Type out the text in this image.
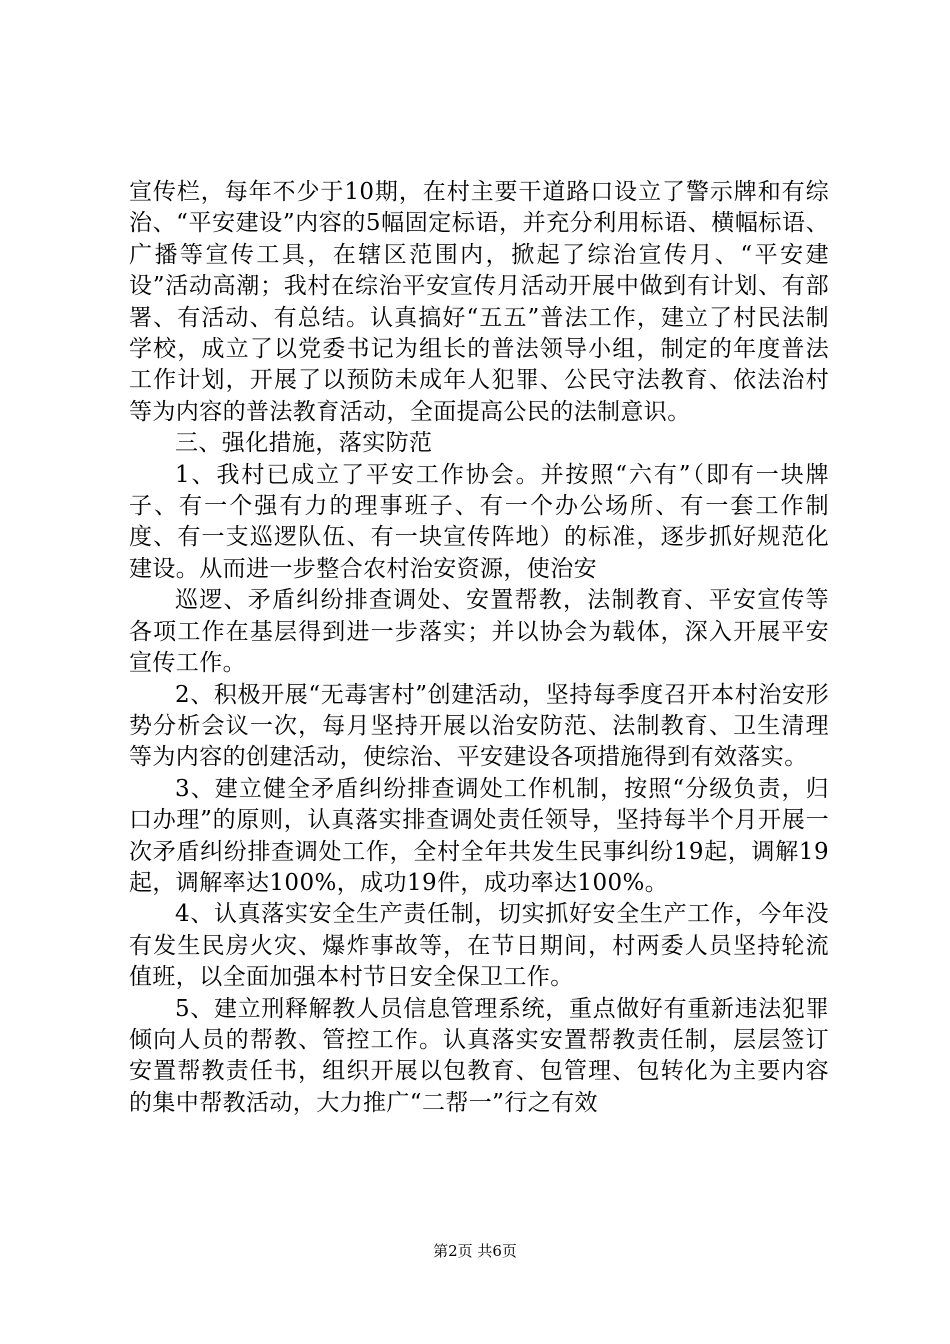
宣传栏，每年不少于10期，在村主要干道路口设立了警示牌和有综治、“平安建设”内容的5幅固定标语，并充分利用标语、横幅标语、广播等宣传工具，在辖区范围内，掀起了综治宣传月、“平安建设”活动高潮；我村在综治平安宣传月活动开展中做到有计划、有部署、有活动、有总结。认真搞好“五五”普法工作，建立了村民法制学校，成立了以党委书记为组长的普法领导小组，制定的年度普法工作计划，开展了以预防未成年人犯罪、公民守法教育、依法治村等为内容的普法教育活动，全面提高公民的法制意识。

三、强化措施，落实防范

1、我村已成立了平安工作协会。并按照“六有”（即有一块牌子、有一个强有力的理事班子、有一个办公场所、有一套工作制度、有一支巡逻队伍、有一块宣传阵地）的标准，逐步抓好规范化建设。从而进一步整合农村治安资源，使治安

巡逻、矛盾纠纷排查调处、安置帮教，法制教育、平安宣传等各项工作在基层得到进一步落实；并以协会为载体，深入开展平安宣传工作。

2、积极开展“无毒害村”创建活动，坚持每季度召开本村治安形势分析会议一次，每月坚持开展以治安防范、法制教育、卫生清理等为内容的创建活动，使综治、平安建设各项措施得到有效落实。

3、建立健全矛盾纠纷排查调处工作机制，按照“分级负责，归口办理”的原则，认真落实排查调处责任领导，坚持每半个月开展一次矛盾纠纷排查调处工作，全村全年共发生民事纠纷19起，调解19起，调解率达100%，成功19件，成功率达100%。

4、认真落实安全生产责任制，切实抓好安全生产工作，今年没有发生民房火灾、爆炸事故等，在节日期间，村两委人员坚持轮流值班，以全面加强本村节日安全保卫工作。

5、建立刑释解教人员信息管理系统，重点做好有重新违法犯罪倾向人员的帮教、管控工作。认真落实安置帮教责任制，层层签订安置帮教责任书，组织开展以包教育、包管理、包转化为主要内容的集中帮教活动，大力推广“二帮一”行之有效

第2页 共6页
